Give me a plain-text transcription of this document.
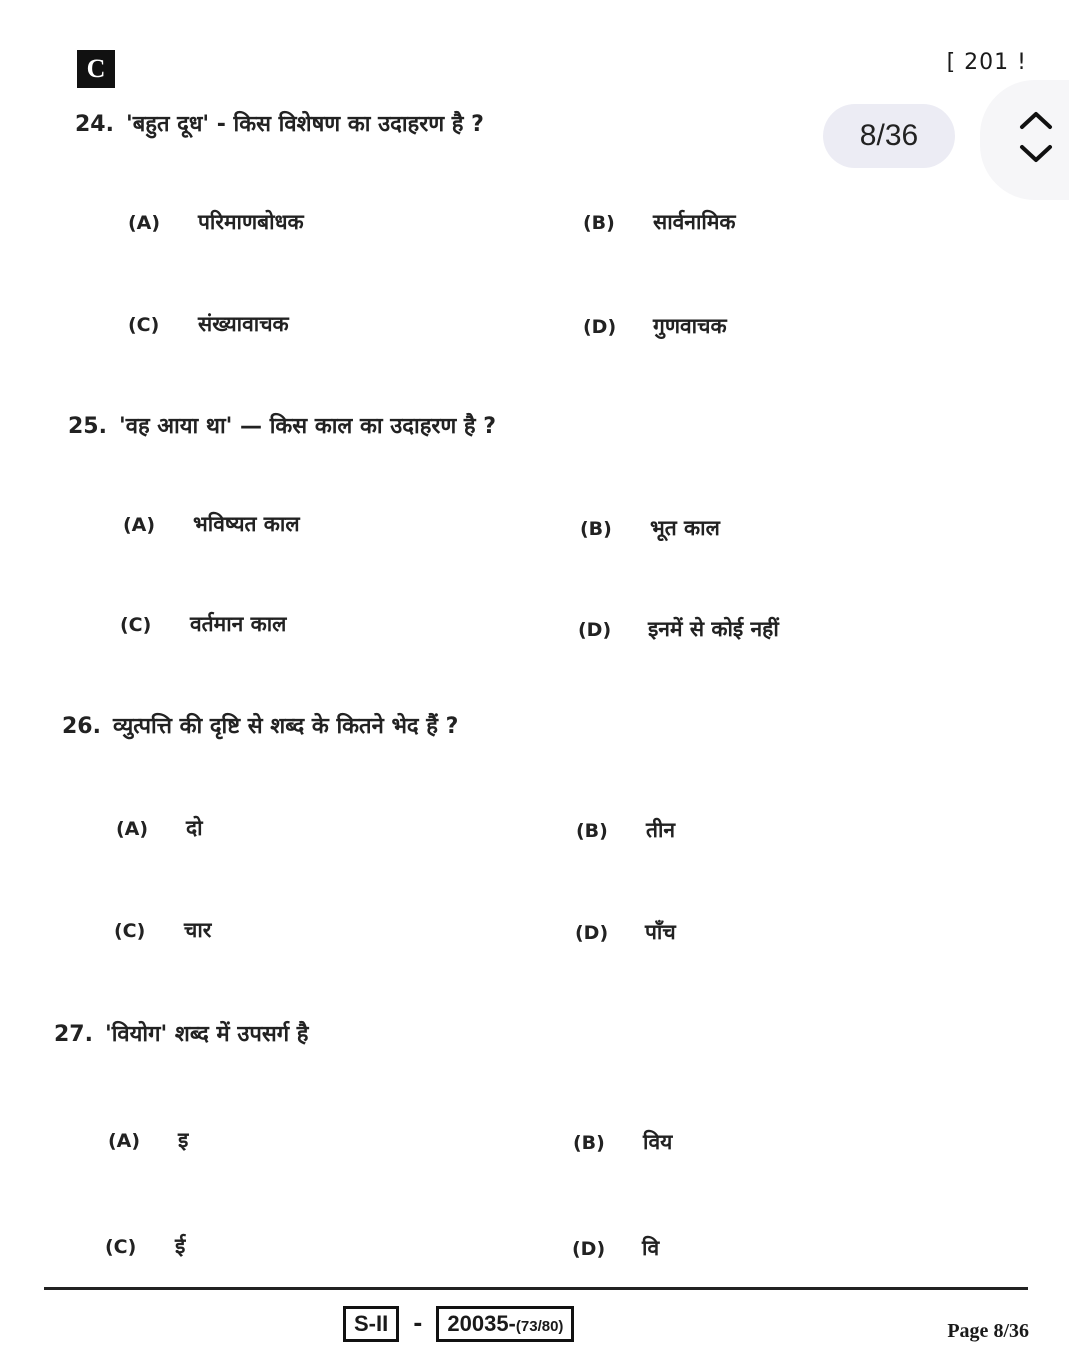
C	[ 201 !
8/36
24. 'बहुत दूध' - किस विशेषण का उदाहरण है ?
(A) परिमाणबोधक	(B) सार्वनामिक
(C) संख्यावाचक	(D) गुणवाचक
25. 'वह आया था' — किस काल का उदाहरण है ?
(A) भविष्यत काल	(B) भूत काल
(C) वर्तमान काल	(D) इनमें से कोई नहीं
26. व्युत्पत्ति की दृष्टि से शब्द के कितने भेद हैं ?
(A) दो	(B) तीन
(C) चार	(D) पाँच
27. 'वियोग' शब्द में उपसर्ग है
(A) इ	(B) विय
(C) ई	(D) वि
S-II	-	20035-(73/80)	Page 8/36
